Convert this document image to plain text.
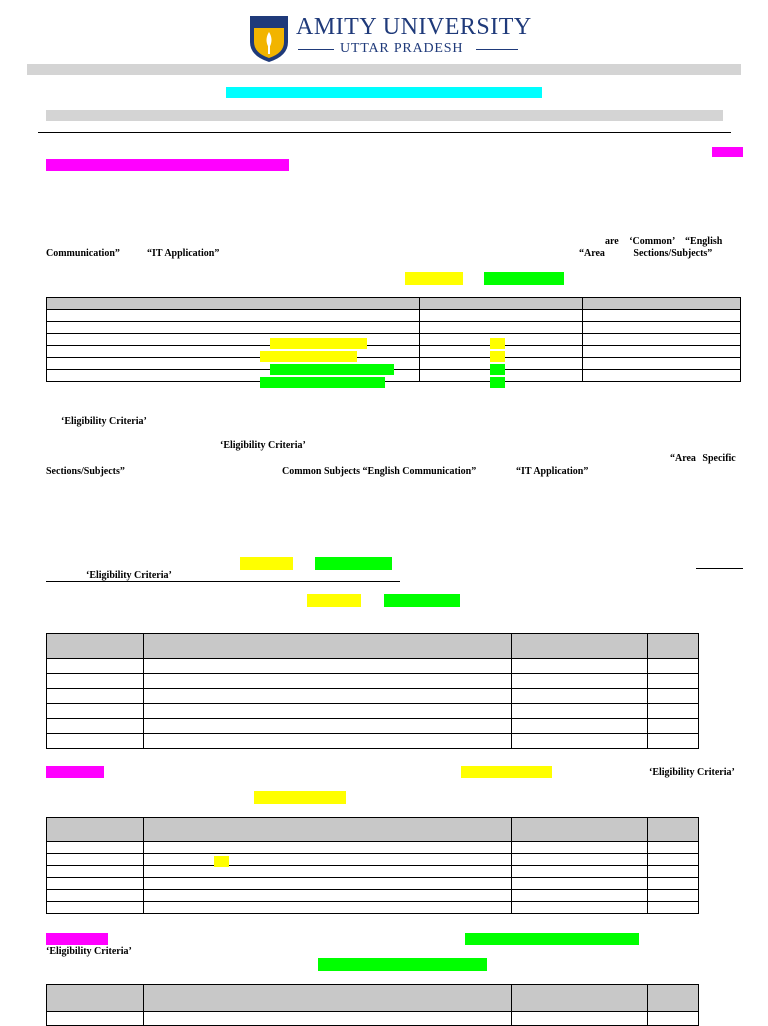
AMITY UNIVERSITY
UTTAR PRADESH
are ‘Common’ “English
Communication”	“IT Application”	“Area Sections/Subjects”

‘Eligibility Criteria’
‘Eligibility Criteria’
“Area Specific
Sections/Subjects”	Common Subjects “English Communication”	“IT Application”
‘Eligibility Criteria’

‘Eligibility Criteria’

‘Eligibility Criteria’
